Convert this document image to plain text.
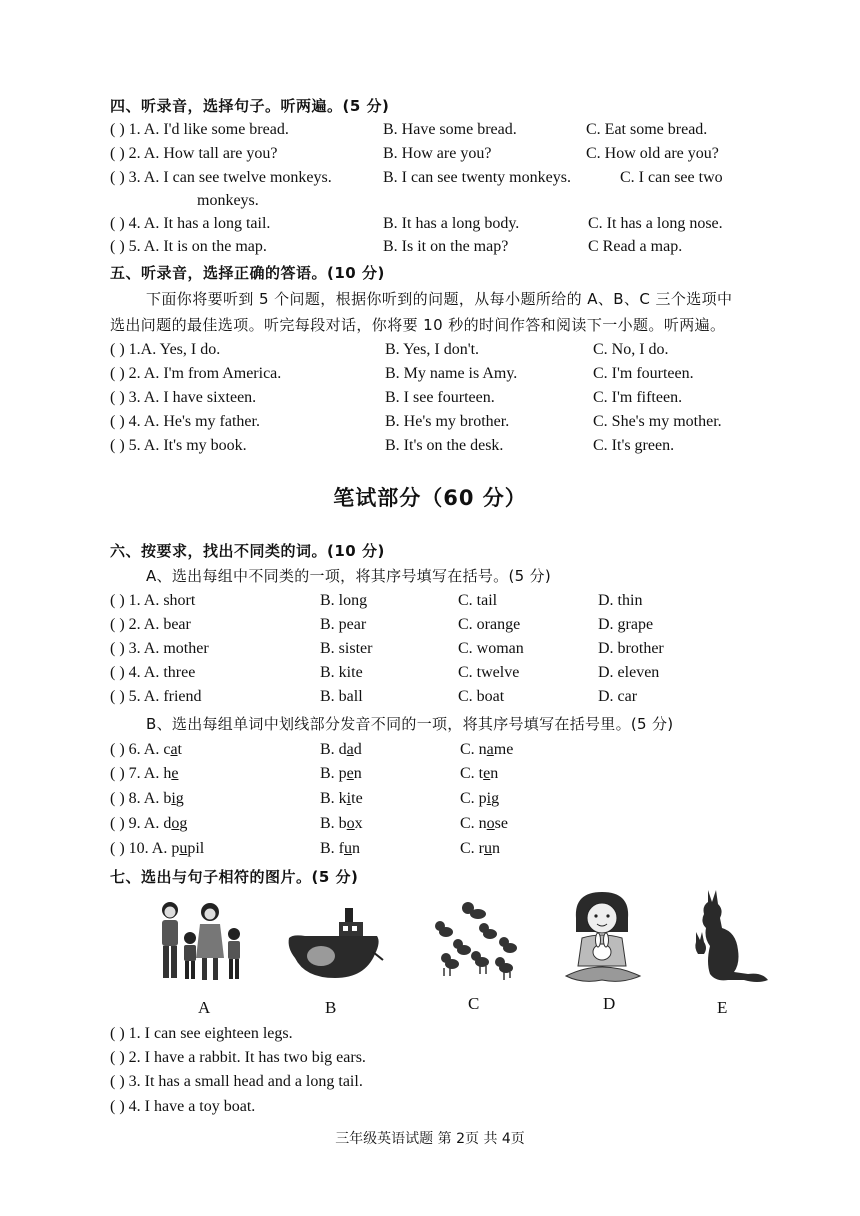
四、听录音，选择句子。听两遍。(5 分)
( ) 1. A. I'd like some bread.	B. Have some bread.	C. Eat some bread.
( ) 2. A. How tall are you?	B. How are you?	C. How old are you?
( ) 3. A. I can see twelve monkeys.	B. I can see twenty monkeys.	C. I can see two
monkeys.
( ) 4. A. It has a long tail.	B. It has a long body.	C. It has a long nose.
( ) 5. A. It is on the map.	B. Is it on the map?	C Read a map.
五、听录音，选择正确的答语。(10 分)
下面你将要听到 5 个问题，根据你听到的问题，从每小题所给的 A、B、C 三个选项中
选出问题的最佳选项。听完每段对话，你将要 10 秒的时间作答和阅读下一小题。听两遍。
( ) 1.A. Yes, I do.	B. Yes, I don't.	C. No, I do.
( ) 2. A. I'm from America.	B. My name is Amy.	C. I'm fourteen.
( ) 3. A. I have sixteen.	B. I see fourteen.	C. I'm fifteen.
( ) 4. A. He's my father.	B. He's my brother.	C. She's my mother.
( ) 5. A. It's my book.	B. It's on the desk.	C. It's green.
笔试部分（60 分）
六、按要求，找出不同类的词。(10 分)
A、选出每组中不同类的一项，将其序号填写在括号。(5 分)
( ) 1. A. short	B. long	C. tail	D. thin
( ) 2. A. bear	B. pear	C. orange	D. grape
( ) 3. A. mother	B. sister	C. woman	D. brother
( ) 4. A. three	B. kite	C. twelve	D. eleven
( ) 5. A. friend	B. ball	C. boat	D. car
B、选出每组单词中划线部分发音不同的一项，将其序号填写在括号里。(5 分)
( ) 6. A. cat	B. dad	C. name
( ) 7. A. he	B. pen	C. ten
( ) 8. A. big	B. kite	C. pig
( ) 9. A. dog	B. box	C. nose
( ) 10. A. pupil	B. fun	C. run
七、选出与句子相符的图片。(5 分)
A	B	C	D	E
( ) 1. I can see eighteen legs.
( ) 2. I have a rabbit. It has two big ears.
( ) 3. It has a small head and a long tail.
( ) 4. I have a toy boat.
三年级英语试题 第 2页 共 4页
